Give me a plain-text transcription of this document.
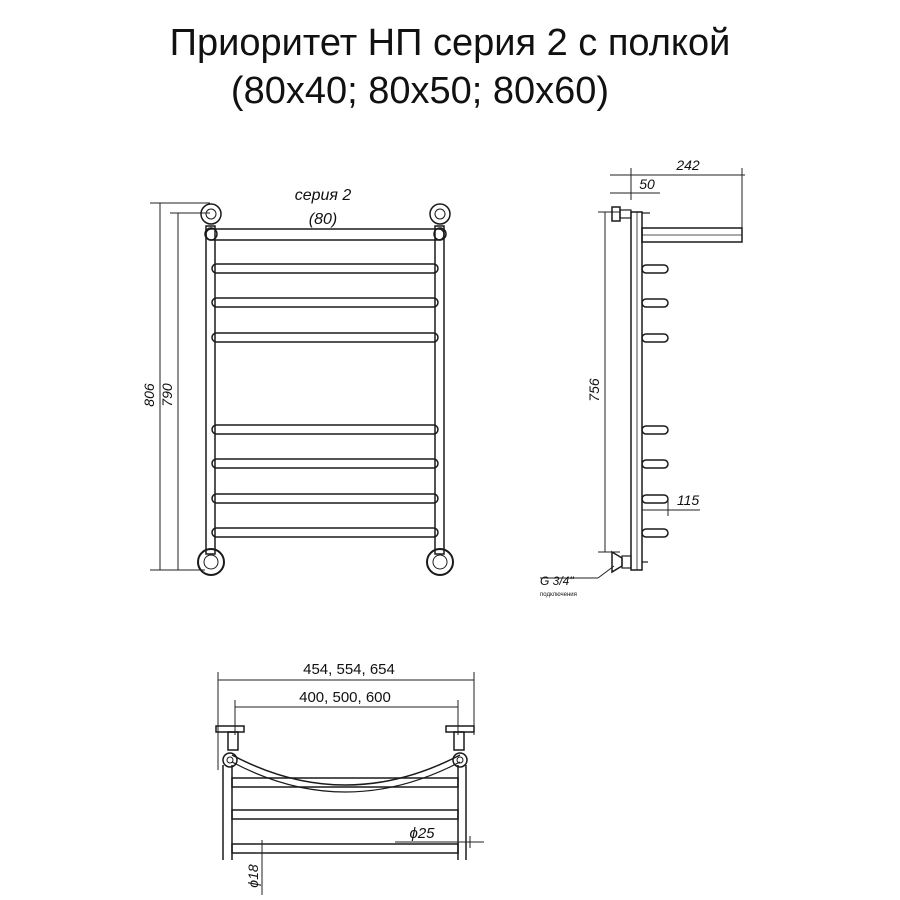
Приоритет НП серия 2 с полкой
(80х40; 80х50; 80х60)
806 790
серия 2
(80)
242
50
756
115
G 3/4"
подключения
454, 554, 654
400, 500, 600
ϕ25
ϕ18
